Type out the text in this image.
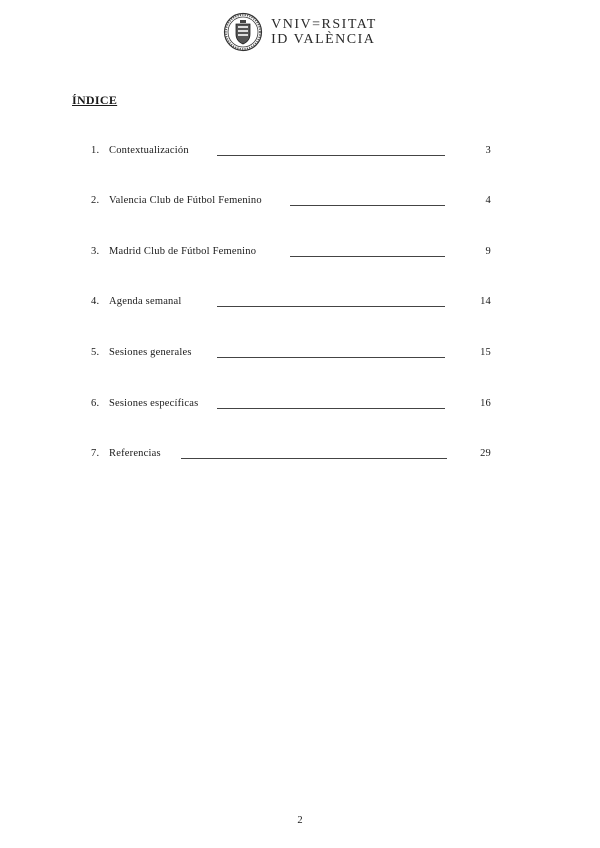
VNIV=RSITAT
ID VALÈNCIA
ÍNDICE
1. Contextualización	3
2. Valencia Club de Fútbol Femenino	4
3. Madrid Club de Fútbol Femenino	9
4. Agenda semanal	14
5. Sesiones generales	15
6. Sesiones específicas	16
7. Referencias	29
2
